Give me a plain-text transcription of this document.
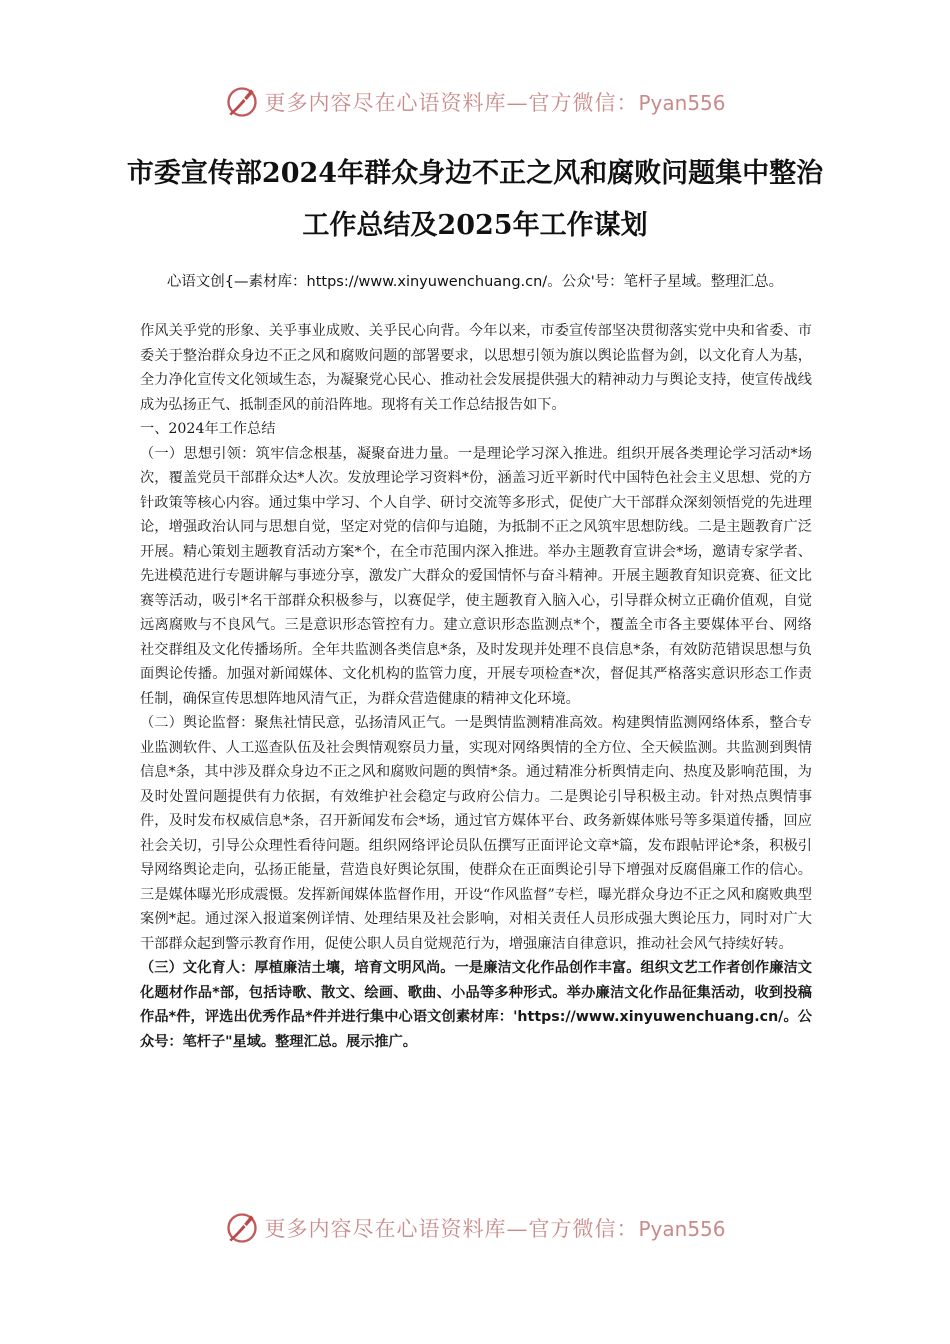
更多内容尽在心语资料库—官方微信：Pyan556
市委宣传部2024年群众身边不正之风和腐败问题集中整治工作总结及2025年工作谋划

心语文创{—素材库：https://www.xinyuwenchuang.cn/。公众'号：笔杆子星域。整理汇总。

作风关乎党的形象、关乎事业成败、关乎民心向背。今年以来，市委宣传部坚决贯彻落实党中央和省委、市委关于整治群众身边不正之风和腐败问题的部署要求，以思想引领为旗以舆论监督为剑，以文化育人为基，全力净化宣传文化领域生态，为凝聚党心民心、推动社会发展提供强大的精神动力与舆论支持，使宣传战线成为弘扬正气、抵制歪风的前沿阵地。现将有关工作总结报告如下。

一、2024年工作总结

（一）思想引领：筑牢信念根基，凝聚奋进力量。一是理论学习深入推进。组织开展各类理论学习活动*场次，覆盖党员干部群众达*人次。发放理论学习资料*份，涵盖习近平新时代中国特色社会主义思想、党的方针政策等核心内容。通过集中学习、个人自学、研讨交流等多形式，促使广大干部群众深刻领悟党的先进理论，增强政治认同与思想自觉，坚定对党的信仰与追随，为抵制不正之风筑牢思想防线。二是主题教育广泛开展。精心策划主题教育活动方案*个，在全市范围内深入推进。举办主题教育宣讲会*场，邀请专家学者、先进模范进行专题讲解与事迹分享，激发广大群众的爱国情怀与奋斗精神。开展主题教育知识竞赛、征文比赛等活动，吸引*名干部群众积极参与，以赛促学，使主题教育入脑入心，引导群众树立正确价值观，自觉远离腐败与不良风气。三是意识形态管控有力。建立意识形态监测点*个，覆盖全市各主要媒体平台、网络社交群组及文化传播场所。全年共监测各类信息*条，及时发现并处理不良信息*条，有效防范错误思想与负面舆论传播。加强对新闻媒体、文化机构的监管力度，开展专项检查*次，督促其严格落实意识形态工作责任制，确保宣传思想阵地风清气正，为群众营造健康的精神文化环境。

（二）舆论监督：聚焦社情民意，弘扬清风正气。一是舆情监测精准高效。构建舆情监测网络体系，整合专业监测软件、人工巡查队伍及社会舆情观察员力量，实现对网络舆情的全方位、全天候监测。共监测到舆情信息*条，其中涉及群众身边不正之风和腐败问题的舆情*条。通过精准分析舆情走向、热度及影响范围，为及时处置问题提供有力依据，有效维护社会稳定与政府公信力。二是舆论引导积极主动。针对热点舆情事件，及时发布权威信息*条，召开新闻发布会*场，通过官方媒体平台、政务新媒体账号等多渠道传播，回应社会关切，引导公众理性看待问题。组织网络评论员队伍撰写正面评论文章*篇，发布跟帖评论*条，积极引导网络舆论走向，弘扬正能量，营造良好舆论氛围，使群众在正面舆论引导下增强对反腐倡廉工作的信心。三是媒体曝光形成震慑。发挥新闻媒体监督作用，开设“作风监督”专栏，曝光群众身边不正之风和腐败典型案例*起。通过深入报道案例详情、处理结果及社会影响，对相关责任人员形成强大舆论压力，同时对广大干部群众起到警示教育作用，促使公职人员自觉规范行为，增强廉洁自律意识，推动社会风气持续好转。

（三）文化育人：厚植廉洁土壤，培育文明风尚。一是廉洁文化作品创作丰富。组织文艺工作者创作廉洁文化题材作品*部，包括诗歌、散文、绘画、歌曲、小品等多种形式。举办廉洁文化作品征集活动，收到投稿作品*件，评选出优秀作品*件并进行集中心语文创素材库：'https://www.xinyuwenchuang.cn/。公众号：笔杆子"星域。整理汇总。展示推广。

更多内容尽在心语资料库—官方微信：Pyan556
